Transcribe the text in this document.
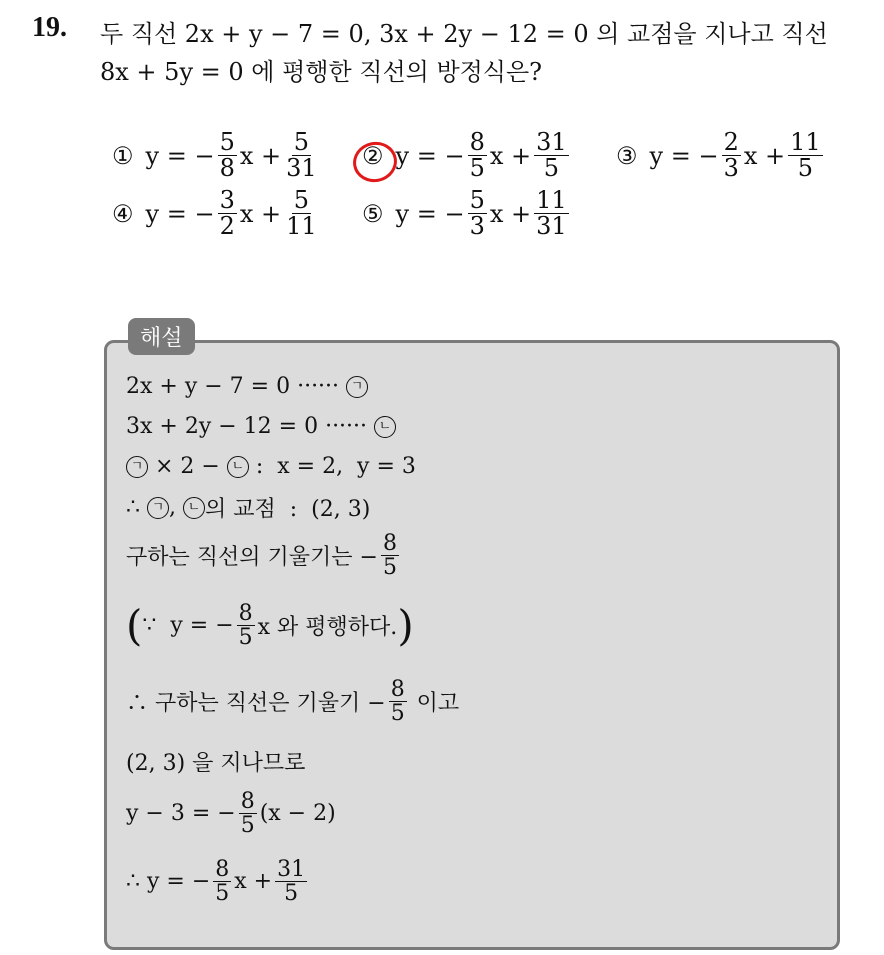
19. 두 직선 2x + y − 7 = 0, 3x + 2y − 12 = 0 의 교점을 지나고 직선
8x + 5y = 0 에 평행한 직선의 방정식은?
① y = − $\frac{5}{8}$ $x + \frac{5}{31}$ ② y = − $\frac{8}{5}$ $x + \frac{31}{5}$ ③ y = − $\frac{2}{3}$ $x + \frac{11}{5}$
④ y = − $\frac{3}{2}$ $x + \frac{5}{11}$ ⑤ y = − $\frac{5}{3}$ $x + \frac{11}{31}$
해설
2x + y − 7 = 0 ······
ㄱ
3x + 2y − 12 = 0 ······
ㄴ
ㄱ
× 2 −
ㄴ :  x = 2,  y = 3
∴ ㄱ , ㄴ 의 교점  :  (2, 3)
구하는 직선의 기울기는 − $\frac{8}{5}$
( ∵  y = − $\frac{8}{5}$ x 와 평행하다. )
∴ 구하는 직선은 기울기 − $\frac{8}{5}$ 이고
(2, 3) 을 지나므로
y − 3 = − $\frac{8}{5} (x - 2)$
∴ y = − $\frac{8}{5}$ $x + \frac{31}{5}$
